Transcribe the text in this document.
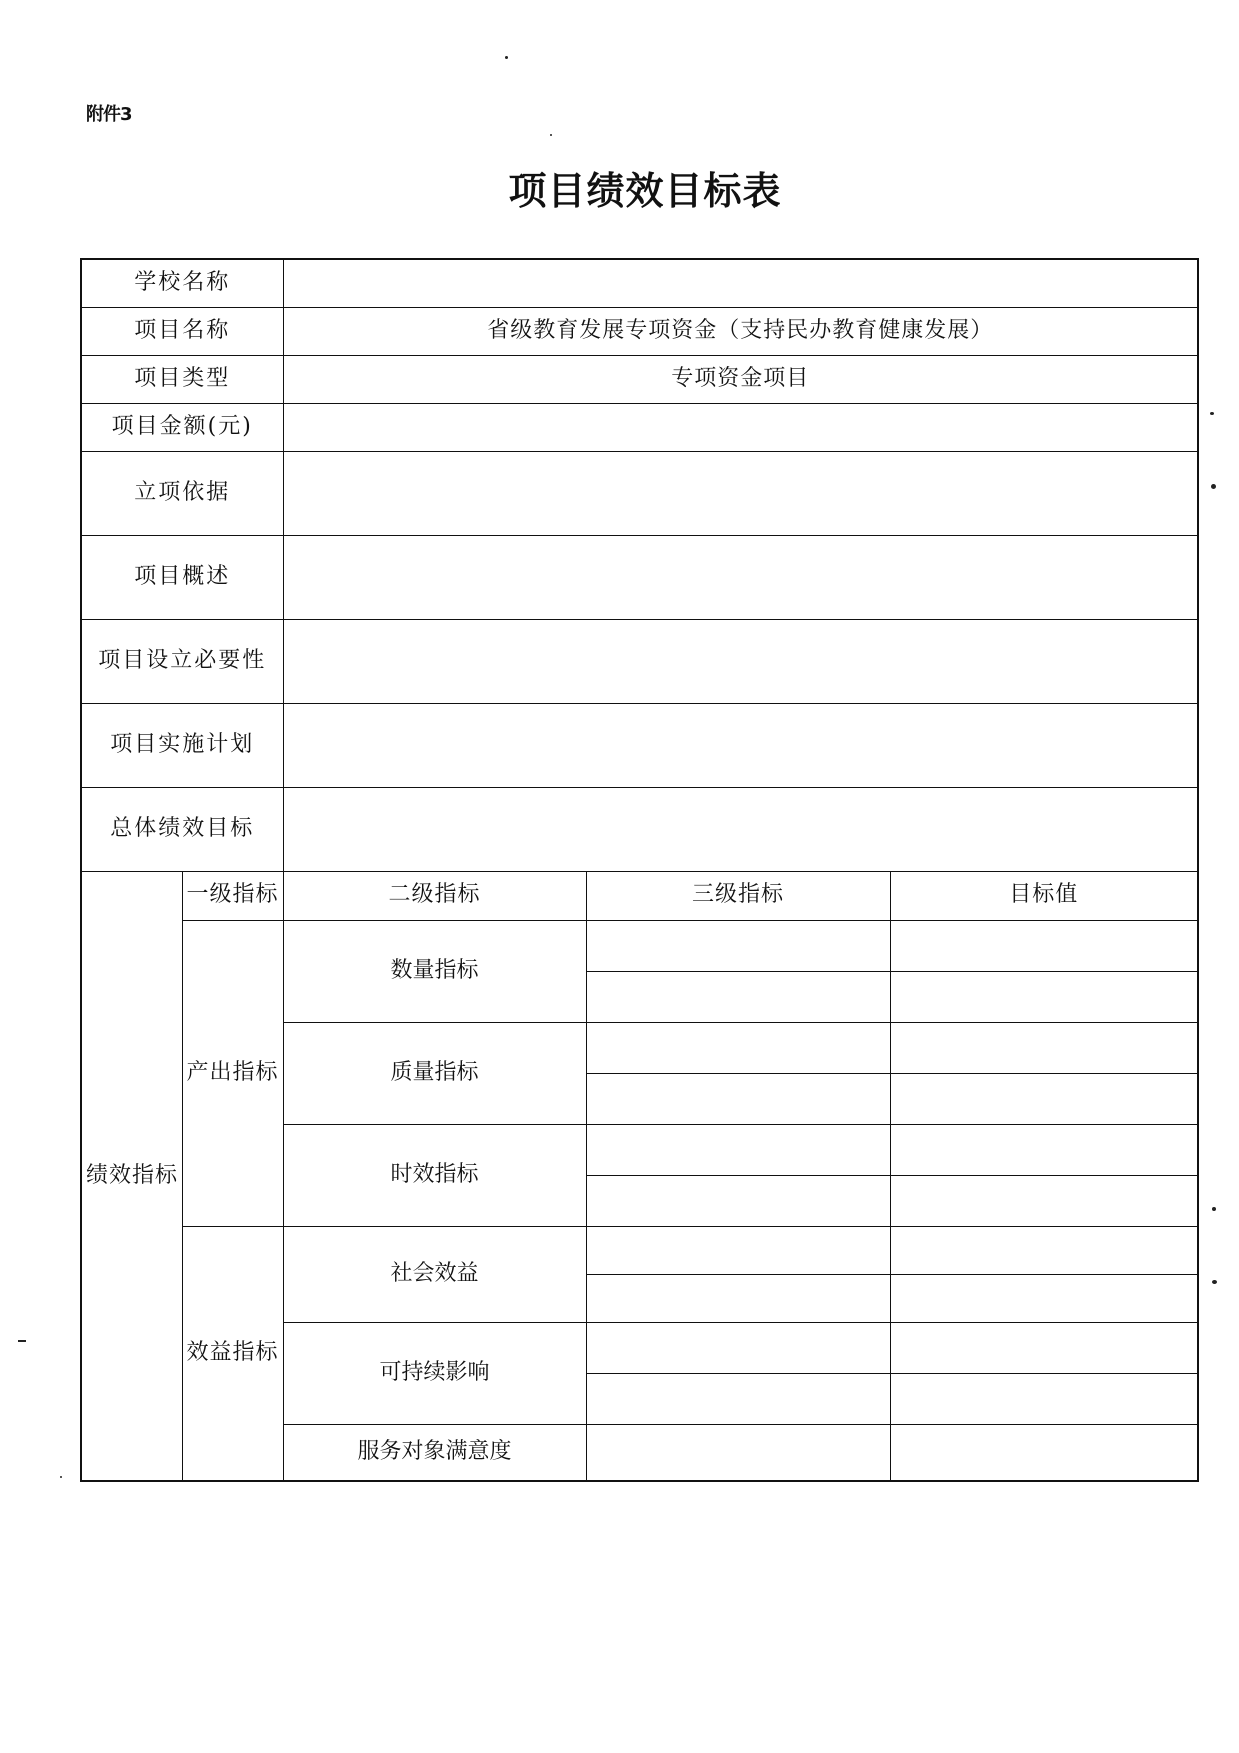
附件3
项目绩效目标表
学校名称				
项目名称		省级教育发展专项资金（支持民办教育健康发展）		
项目类型		专项资金项目		
项目金额(元)				
立项依据				
项目概述				
项目设立必要性				
项目实施计划				
总体绩效目标				
绩效指标	一级指标	二级指标	三级指标	目标值
	产出指标	数量指标		

		质量指标		

		时效指标		

	效益指标	社会效益		

		可持续影响		

		服务对象满意度		
